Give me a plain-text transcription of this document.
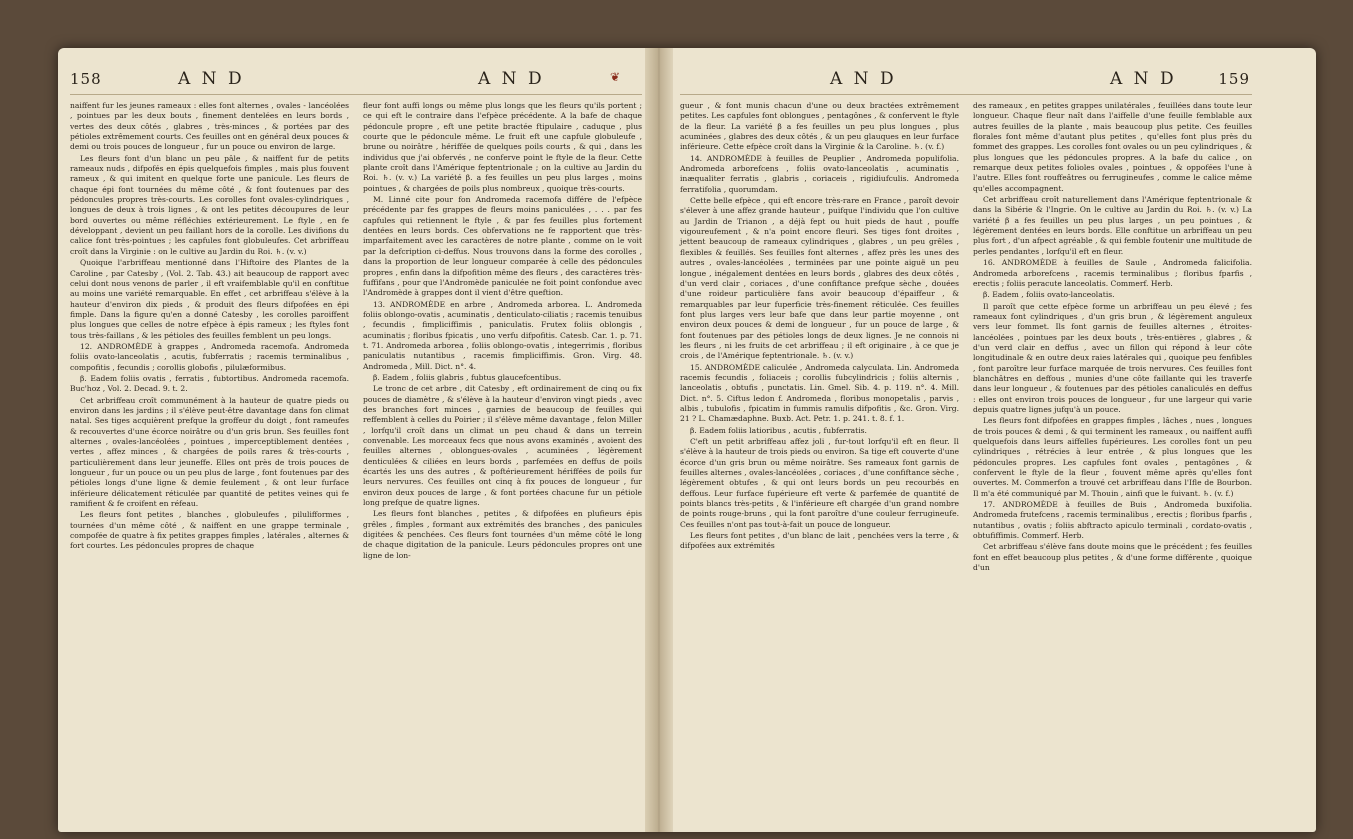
❦
158	A N D	A N D

naiffent fur les jeunes rameaux : elles font alternes , ovales - lancéolées , pointues par les deux bouts , finement dentelées en leurs bords , vertes des deux côtés , glabres , très-minces , & portées par des pétioles extrêmement courts. Ces feuilles ont en général deux pouces & demi ou trois pouces de longueur , fur un pouce ou environ de large.

Les fleurs font d'un blanc un peu pâle , & naiffent fur de petits rameaux nuds , difpofés en épis quelquefois fimples , mais plus fouvent rameux , & qui imitent en quelque forte une panicule. Les fleurs de chaque épi font tournées du même côté , & font foutenues par des pédoncules propres très-courts. Les corolles font ovales-cylindriques , longues de deux à trois lignes , & ont les petites découpures de leur bord ouvertes ou même réfléchies extérieurement. Le ftyle , en fe développant , devient un peu faillant hors de la corolle. Les divifions du calice font très-pointues ; les capfules font globuleufes. Cet arbriffeau croît dans la Virginie : on le cultive au Jardin du Roi. ♄. (v. v.)

Quoique l'arbriffeau mentionné dans l'Hiftoire des Plantes de la Caroline , par Catesby , (Vol. 2. Tab. 43.) ait beaucoup de rapport avec celui dont nous venons de parler , il eft vraifemblable qu'il en conftitue au moins une variété remarquable. En effet , cet arbriffeau s'élève à la hauteur d'environ dix pieds , & produit des fleurs difpofées en épi fimple. Dans la figure qu'en a donné Catesby , les corolles paroiffent plus longues que celles de notre efpèce à épis rameux ; les ftyles font tous très-faillans , & les pétioles des feuilles femblent un peu longs.

12. ANDROMÈDE à grappes , Andromeda racemofa. Andromeda foliis ovato-lanceolatis , acutis, fubferratis ; racemis terminalibus , compofitis , fecundis ; corollis globofis , pilulæformibus.

β. Eadem foliis ovatis , ferratis , fubtortibus. Andromeda racemofa. Buc'hoz , Vol. 2. Decad. 9. t. 2.

Cet arbriffeau croît communément à la hauteur de quatre pieds ou environ dans les jardins ; il s'élève peut-être davantage dans fon climat natal. Ses tiges acquièrent prefque la groffeur du doigt , font rameufes & recouvertes d'une écorce noirâtre ou d'un gris brun. Ses feuilles font alternes , ovales-lancéolées , pointues , imperceptiblement dentées , vertes , affez minces , & chargées de poils rares & très-courts , particulièrement dans leur jeuneffe. Elles ont près de trois pouces de longueur , fur un pouce ou un peu plus de large , font foutenues par des pétioles longs d'une ligne & demie feulement , & ont leur furface inférieure délicatement réticulée par quantité de petites veines qui fe ramifient & fe croifent en réfeau.

Les fleurs font petites , blanches , globuleufes , pilulifformes , tournées d'un même côté , & naiffent en une grappe terminale , compofée de quatre à fix petites grappes fimples , latérales , alternes & fort courtes. Les pédoncules propres de chaque

fleur font auffi longs ou même plus longs que les fleurs qu'ils portent ; ce qui eft le contraire dans l'efpèce précédente. A la bafe de chaque pédoncule propre , eft une petite bractée ftipulaire , caduque , plus courte que le pédoncule même. Le fruit eft une capfule globuleufe , brune ou noirâtre , hériffée de quelques poils courts , & qui , dans les individus que j'ai obfervés , ne conferve point le ftyle de la fleur. Cette plante croît dans l'Amérique feptentrionale ; on la cultive au Jardin du Roi. ♄. (v. v.) La variété β. a fes feuilles un peu plus larges , moins pointues , & chargées de poils plus nombreux , quoique très-courts.

M. Linné cite pour fon Andromeda racemofa différe de l'efpèce précédente par fes grappes de fleurs moins paniculées , . . . par fes capfules qui retiennent le ftyle , & par fes feuilles plus fortement dentées en leurs bords. Ces obfervations ne fe rapportent que très-imparfaitement avec les caractères de notre plante , comme on le voit par la defcription ci-deffus. Nous trouvons dans la forme des corolles , dans la proportion de leur longueur comparée à celle des pédoncules propres , enfin dans la difpofition même des fleurs , des caractères très-fuffifans , pour que l'Andromède paniculée ne foit point confondue avec l'Andromède à grappes dont il vient d'être queftion.

13. ANDROMÈDE en arbre , Andromeda arborea. L. Andromeda foliis oblongo-ovatis , acuminatis , denticulato-ciliatis ; racemis tenuibus , fecundis , fimpliciffimis , paniculatis. Frutex foliis oblongis , acuminatis ; floribus fpicatis , uno verfu difpofitis. Catesb. Car. 1. p. 71. t. 71. Andromeda arborea , foliis oblongo-ovatis , integerrimis , floribus paniculatis nutantibus , racemis fimpliciffimis. Gron. Virg. 48. Andromeda , Mill. Dict. n°. 4.

β. Eadem , foliis glabris , fubtus glaucefcentibus.

Le tronc de cet arbre , dit Catesby , eft ordinairement de cinq ou fix pouces de diamètre , & s'élève à la hauteur d'environ vingt pieds , avec des branches fort minces , garnies de beaucoup de feuilles qui reffemblent à celles du Poirier ; il s'élève même davantage , felon Miller , lorfqu'il croît dans un climat un peu chaud & dans un terrein convenable. Les morceaux fecs que nous avons examinés , avoient des feuilles alternes , oblongues-ovales , acuminées , légèrement denticulées & ciliées en leurs bords , parfemées en deffus de poils écartés les uns des autres , & poftérieurement hériffées de poils fur leurs nervures. Ces feuilles ont cinq à fix pouces de longueur , fur environ deux pouces de large , & font portées chacune fur un pétiole long prefque de quatre lignes.

Les fleurs font blanches , petites , & difpofées en plufieurs épis grêles , fimples , formant aux extrémités des branches , des panicules digitées & penchées. Ces fleurs font tournées d'un même côté le long de chaque digitation de la panicule. Leurs pédoncules propres ont une ligne de lon-

A N D	A N D	159

gueur , & font munis chacun d'une ou deux bractées extrêmement petites. Les capfules font oblongues , pentagônes , & confervent le ftyle de la fleur. La variété β a fes feuilles un peu plus longues , plus acuminées , glabres des deux côtés , & un peu glauques en leur furface inférieure. Cette efpèce croît dans la Virginie & la Caroline. ♄. (v. f.)

14. ANDROMÈDE à feuilles de Peuplier , Andromeda populifolia. Andromeda arborefcens , foliis ovato-lanceolatis , acuminatis , inæqualiter ferratis , glabris , coriaceis , rigidiufculis. Andromeda ferratifolia , quorumdam.

Cette belle efpèce , qui eft encore très-rare en France , paroît devoir s'élever à une affez grande hauteur , puifque l'individu que l'on cultive au Jardin de Trianon , a déjà fept ou huit pieds de haut , pouffe vigoureufement , & n'a point encore fleuri. Ses tiges font droites , jettent beaucoup de rameaux cylindriques , glabres , un peu grêles , flexibles & feuillés. Ses feuilles font alternes , affez près les unes des autres , ovales-lancéolées , terminées par une pointe aiguë un peu longue , inégalement dentées en leurs bords , glabres des deux côtés , d'un verd clair , coriaces , d'une confiftance prefque sèche , douées d'une roideur particulière fans avoir beaucoup d'épaiffeur , & remarquables par leur fuperficie très-finement réticulée. Ces feuilles font plus larges vers leur bafe que dans leur partie moyenne , ont environ deux pouces & demi de longueur , fur un pouce de large , & font foutenues par des pétioles longs de deux lignes. Je ne connois ni les fleurs , ni les fruits de cet arbriffeau ; il eft originaire , à ce que je crois , de l'Amérique feptentrionale. ♄. (v. v.)

15. ANDROMÈDE caliculée , Andromeda calyculata. Lin. Andromeda racemis fecundis , foliaceis ; corollis fubcylindricis ; foliis alternis , lanceolatis , obtufis , punctatis. Lin. Gmel. Sib. 4. p. 119. n°. 4. Mill. Dict. n°. 5. Ciftus ledon f. Andromeda , floribus monopetalis , parvis , albis , tubulofis , fpicatim in fummis ramulis difpofitis , &c. Gron. Virg. 21 ? L. Chamædaphne. Buxb. Act. Petr. 1. p. 241. t. 8. f. 1.

β. Eadem foliis latioribus , acutis , fubferratis.

C'eft un petit arbriffeau affez joli , fur-tout lorfqu'il eft en fleur. Il s'élève à la hauteur de trois pieds ou environ. Sa tige eft couverte d'une écorce d'un gris brun ou même noirâtre. Ses rameaux font garnis de feuilles alternes , ovales-lancéolées , coriaces , d'une confiftance sèche , légèrement obtufes , & qui ont leurs bords un peu recourbés en deffous. Leur furface fupérieure eft verte & parfemée de quantité de points blancs très-petits , & l'inférieure eft chargée d'un grand nombre de points rouge-bruns , qui la font paroître d'une couleur ferrugineufe. Ces feuilles n'ont pas tout-à-fait un pouce de longueur.

Les fleurs font petites , d'un blanc de lait , penchées vers la terre , & difpofées aux extrémités

des rameaux , en petites grappes unilatérales , feuillées dans toute leur longueur. Chaque fleur naît dans l'aiffelle d'une feuille femblable aux autres feuilles de la plante , mais beaucoup plus petite. Ces feuilles florales font même d'autant plus petites , qu'elles font plus près du fommet des grappes. Les corolles font ovales ou un peu cylindriques , & plus longues que les pédoncules propres. A la bafe du calice , on remarque deux petites folioles ovales , pointues , & oppofées l'une à l'autre. Elles font rouffeâtres ou ferrugineufes , comme le calice même qu'elles accompagnent.

Cet arbriffeau croît naturellement dans l'Amérique feptentrionale & dans la Sibérie & l'Ingrie. On le cultive au Jardin du Roi. ♄. (v. v.) La variété β a fes feuilles un peu plus larges , un peu pointues , & légèrement dentées en leurs bords. Elle conftitue un arbriffeau un peu plus fort , d'un afpect agréable , & qui femble foutenir une multitude de perles pendantes , lorfqu'il eft en fleur.

16. ANDROMÈDE à feuilles de Saule , Andromeda falicifolia. Andromeda arborefcens , racemis terminalibus ; floribus fparfis , erectis ; foliis peracute lanceolatis. Commerf. Herb.

β. Eadem , foliis ovato-lanceolatis.

Il paroît que cette efpèce forme un arbriffeau un peu élevé ; fes rameaux font cylindriques , d'un gris brun , & légèrement anguleux vers leur fommet. Ils font garnis de feuilles alternes , étroites-lancéolées , pointues par les deux bouts , très-entières , glabres , & d'un verd clair en deffus , avec un fillon qui répond à leur côte longitudinale & en outre deux raies latérales qui , quoique peu fenfibles , font paroître leur furface marquée de trois nervures. Ces feuilles font blanchâtres en deffous , munies d'une côte faillante qui les traverfe dans leur longueur , & foutenues par des pétioles canaliculés en deffus : elles ont environ trois pouces de longueur , fur une largeur qui varie depuis quatre lignes jufqu'à un pouce.

Les fleurs font difpofées en grappes fimples , lâches , nues , longues de trois pouces & demi , & qui terminent les rameaux , ou naiffent auffi quelquefois dans leurs aiffelles fupérieures. Les corolles font un peu cylindriques , rétrécies à leur entrée , & plus longues que les pédoncules propres. Les capfules font ovales , pentagônes , & confervent le ftyle de la fleur , fouvent même après qu'elles font ouvertes. M. Commerfon a trouvé cet arbriffeau dans l'Ifle de Bourbon. Il m'a été communiqué par M. Thouin , ainfi que le fuivant. ♄. (v. f.)

17. ANDROMÈDE à feuilles de Buis , Andromeda buxifolia. Andromeda frutefcens , racemis terminalibus , erectis ; floribus fparfis , nutantibus , ovatis ; foliis abftracto apiculo terminali , cordato-ovatis , obtufiffimis. Commerf. Herb.

Cet arbriffeau s'élève fans doute moins que le précédent ; fes feuilles font en effet beaucoup plus petites , & d'une forme différente , quoique d'un
